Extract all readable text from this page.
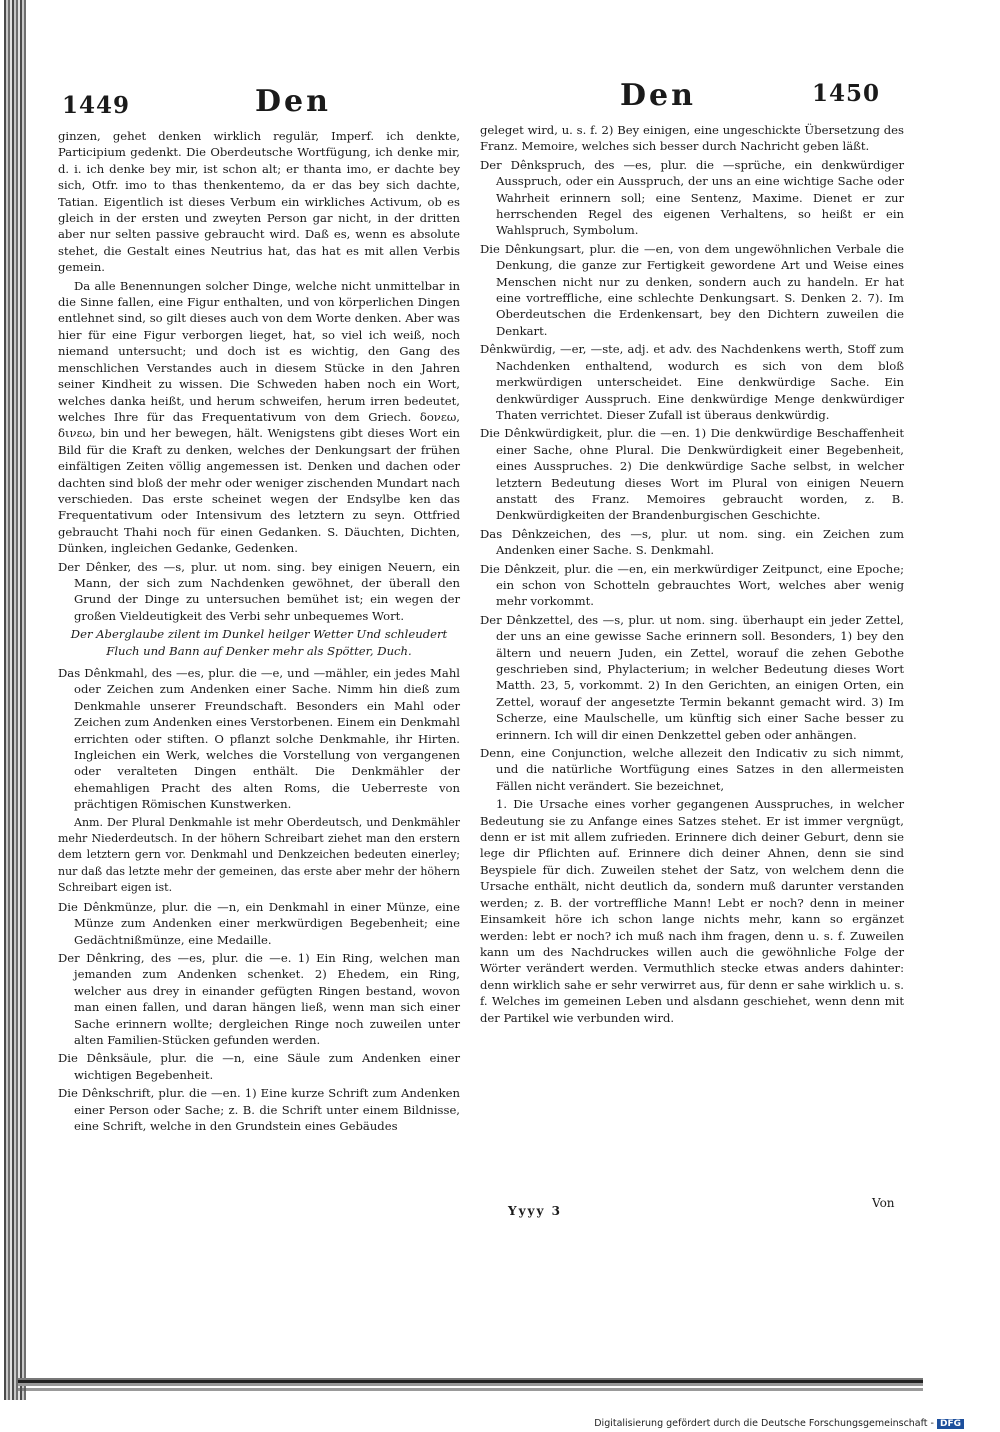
1449	Den	Den	1450

ginzen, gehet denken wirklich regulär, Imperf. ich denkte, Participium gedenkt. Die Oberdeutsche Wortfügung, ich denke mir, d. i. ich denke bey mir, ist schon alt; er thanta imo, er dachte bey sich, Otfr. imo to thas thenkentemo, da er das bey sich dachte, Tatian. Eigentlich ist dieses Verbum ein wirkliches Activum, ob es gleich in der ersten und zweyten Person gar nicht, in der dritten aber nur selten passive gebraucht wird. Daß es, wenn es absolute stehet, die Gestalt eines Neutrius hat, das hat es mit allen Verbis gemein.

Da alle Benennungen solcher Dinge, welche nicht unmittelbar in die Sinne fallen, eine Figur enthalten, und von körperlichen Dingen entlehnet sind, so gilt dieses auch von dem Worte denken. Aber was hier für eine Figur verborgen lieget, hat, so viel ich weiß, noch niemand untersucht; und doch ist es wichtig, den Gang des menschlichen Verstandes auch in diesem Stücke in den Jahren seiner Kindheit zu wissen. Die Schweden haben noch ein Wort, welches danka heißt, und herum schweifen, herum irren bedeutet, welches Ihre für das Frequentativum von dem Griech. δονεω, δινεω, bin und her bewegen, hält. Wenigstens gibt dieses Wort ein Bild für die Kraft zu denken, welches der Denkungsart der frühen einfältigen Zeiten völlig angemessen ist. Denken und dachen oder dachten sind bloß der mehr oder weniger zischenden Mundart nach verschieden. Das erste scheinet wegen der Endsylbe ken das Frequentativum oder Intensivum des letztern zu seyn. Ottfried gebraucht Thahi noch für einen Gedanken. S. Däuchten, Dichten, Dünken, ingleichen Gedanke, Gedenken.

Der Dênker, des —s, plur. ut nom. sing. bey einigen Neuern, ein Mann, der sich zum Nachdenken gewöhnet, der überall den Grund der Dinge zu untersuchen bemühet ist; ein wegen der großen Vieldeutigkeit des Verbi sehr unbequemes Wort.

Der Aberglaube zilent im Dunkel heilger Wetter Und schleudert Fluch und Bann auf Denker mehr als Spötter, Duch.

Das Dênkmahl, des —es, plur. die —e, und —mähler, ein jedes Mahl oder Zeichen zum Andenken einer Sache. Nimm hin dieß zum Denkmahle unserer Freundschaft. Besonders ein Mahl oder Zeichen zum Andenken eines Verstorbenen. Einem ein Denkmahl errichten oder stiften. O pflanzt solche Denkmahle, ihr Hirten. Ingleichen ein Werk, welches die Vorstellung von vergangenen oder veralteten Dingen enthält. Die Denkmähler der ehemahligen Pracht des alten Roms, die Ueberreste von prächtigen Römischen Kunstwerken.

Anm. Der Plural Denkmahle ist mehr Oberdeutsch, und Denkmähler mehr Niederdeutsch. In der höhern Schreibart ziehet man den erstern dem letztern gern vor. Denkmahl und Denkzeichen bedeuten einerley; nur daß das letzte mehr der gemeinen, das erste aber mehr der höhern Schreibart eigen ist.

Die Dênkmünze, plur. die —n, ein Denkmahl in einer Münze, eine Münze zum Andenken einer merkwürdigen Begebenheit; eine Gedächtnißmünze, eine Medaille.

Der Dênkring, des —es, plur. die —e. 1) Ein Ring, welchen man jemanden zum Andenken schenket. 2) Ehedem, ein Ring, welcher aus drey in einander gefügten Ringen bestand, wovon man einen fallen, und daran hängen ließ, wenn man sich einer Sache erinnern wollte; dergleichen Ringe noch zuweilen unter alten Familien-Stücken gefunden werden.

Die Dênksäule, plur. die —n, eine Säule zum Andenken einer wichtigen Begebenheit.

Die Dênkschrift, plur. die —en. 1) Eine kurze Schrift zum Andenken einer Person oder Sache; z. B. die Schrift unter einem Bildnisse, eine Schrift, welche in den Grundstein eines Gebäudes

geleget wird, u. s. f. 2) Bey einigen, eine ungeschickte Übersetzung des Franz. Memoire, welches sich besser durch Nachricht geben läßt.

Der Dênkspruch, des —es, plur. die —sprüche, ein denkwürdiger Ausspruch, oder ein Ausspruch, der uns an eine wichtige Sache oder Wahrheit erinnern soll; eine Sentenz, Maxime. Dienet er zur herrschenden Regel des eigenen Verhaltens, so heißt er ein Wahlspruch, Symbolum.

Die Dênkungsart, plur. die —en, von dem ungewöhnlichen Verbale die Denkung, die ganze zur Fertigkeit gewordene Art und Weise eines Menschen nicht nur zu denken, sondern auch zu handeln. Er hat eine vortreffliche, eine schlechte Denkungsart. S. Denken 2. 7). Im Oberdeutschen die Erdenkensart, bey den Dichtern zuweilen die Denkart.

Dênkwürdig, —er, —ste, adj. et adv. des Nachdenkens werth, Stoff zum Nachdenken enthaltend, wodurch es sich von dem bloß merkwürdigen unterscheidet. Eine denkwürdige Sache. Ein denkwürdiger Ausspruch. Eine denkwürdige Menge denkwürdiger Thaten verrichtet. Dieser Zufall ist überaus denkwürdig.

Die Dênkwürdigkeit, plur. die —en. 1) Die denkwürdige Beschaffenheit einer Sache, ohne Plural. Die Denkwürdigkeit einer Begebenheit, eines Ausspruches. 2) Die denkwürdige Sache selbst, in welcher letztern Bedeutung dieses Wort im Plural von einigen Neuern anstatt des Franz. Memoires gebraucht worden, z. B. Denkwürdigkeiten der Brandenburgischen Geschichte.

Das Dênkzeichen, des —s, plur. ut nom. sing. ein Zeichen zum Andenken einer Sache. S. Denkmahl.

Die Dênkzeit, plur. die —en, ein merkwürdiger Zeitpunct, eine Epoche; ein schon von Schotteln gebrauchtes Wort, welches aber wenig mehr vorkommt.

Der Dênkzettel, des —s, plur. ut nom. sing. überhaupt ein jeder Zettel, der uns an eine gewisse Sache erinnern soll. Besonders, 1) bey den ältern und neuern Juden, ein Zettel, worauf die zehen Gebothe geschrieben sind, Phylacterium; in welcher Bedeutung dieses Wort Matth. 23, 5, vorkommt. 2) In den Gerichten, an einigen Orten, ein Zettel, worauf der angesetzte Termin bekannt gemacht wird. 3) Im Scherze, eine Maulschelle, um künftig sich einer Sache besser zu erinnern. Ich will dir einen Denkzettel geben oder anhängen.

Denn, eine Conjunction, welche allezeit den Indicativ zu sich nimmt, und die natürliche Wortfügung eines Satzes in den allermeisten Fällen nicht verändert. Sie bezeichnet,

1. Die Ursache eines vorher gegangenen Ausspruches, in welcher Bedeutung sie zu Anfange eines Satzes stehet. Er ist immer vergnügt, denn er ist mit allem zufrieden. Erinnere dich deiner Geburt, denn sie lege dir Pflichten auf. Erinnere dich deiner Ahnen, denn sie sind Beyspiele für dich. Zuweilen stehet der Satz, von welchem denn die Ursache enthält, nicht deutlich da, sondern muß darunter verstanden werden; z. B. der vortreffliche Mann! Lebt er noch? denn in meiner Einsamkeit höre ich schon lange nichts mehr, kann so ergänzet werden: lebt er noch? ich muß nach ihm fragen, denn u. s. f. Zuweilen kann um des Nachdruckes willen auch die gewöhnliche Folge der Wörter verändert werden. Vermuthlich stecke etwas anders dahinter: denn wirklich sahe er sehr verwirret aus, für denn er sahe wirklich u. s. f. Welches im gemeinen Leben und alsdann geschiehet, wenn denn mit der Partikel wie verbunden wird.

Yyyy 3
Von
Digitalisierung gefördert durch die Deutsche Forschungsgemeinschaft - DFG
